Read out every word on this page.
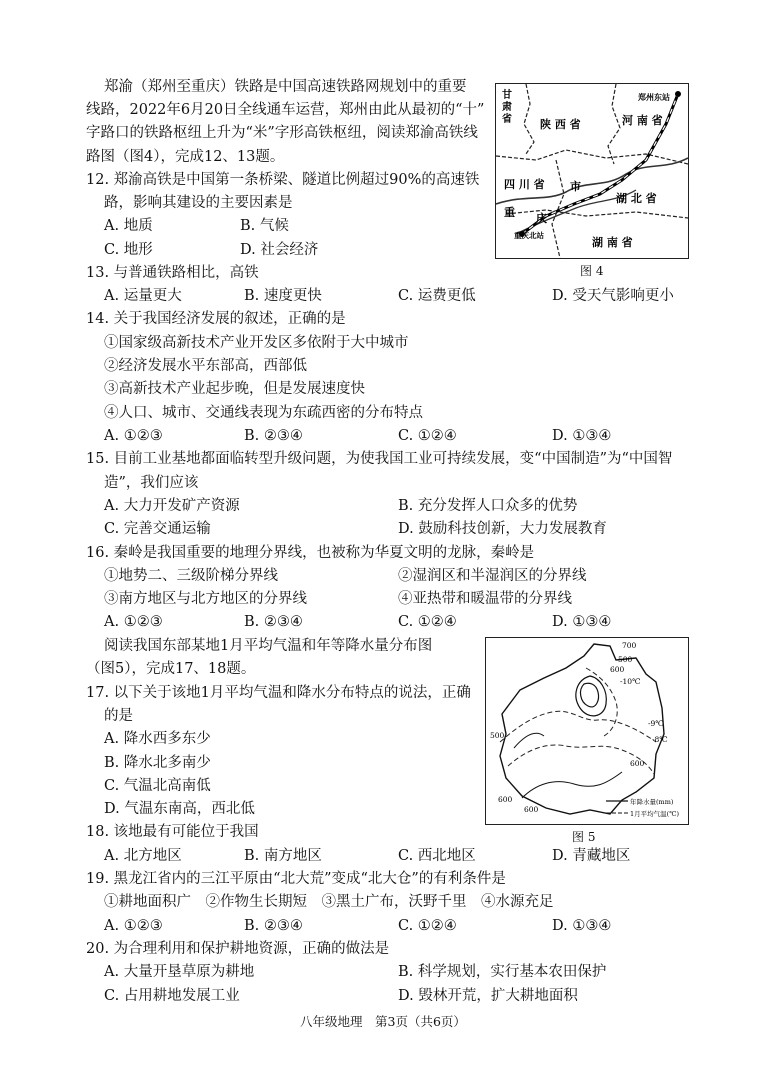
郑渝（郑州至重庆）铁路是中国高速铁路网规划中的重要
线路，2022年6月20日全线通车运营，郑州由此从最初的“十”
字路口的铁路枢纽上升为“米”字形高铁枢纽，阅读郑渝高铁线
路图（图4），完成12、13题。
甘
肃
省	陕 西 省	河 南 省
郑州东站
四 川 省 市
湖 北 省
重 庆
重庆北站
湖 南 省
图 4
12. 郑渝高铁是中国第一条桥梁、隧道比例超过90%的高速铁
路，影响其建设的主要因素是
A. 地质	B. 气候
C. 地形	D. 社会经济
13. 与普通铁路相比，高铁
A. 运量更大	B. 速度更快	C. 运费更低	D. 受天气影响更小
14. 关于我国经济发展的叙述，正确的是
①国家级高新技术产业开发区多依附于大中城市
②经济发展水平东部高，西部低
③高新技术产业起步晚，但是发展速度快
④人口、城市、交通线表现为东疏西密的分布特点
A. ①②③	B. ②③④	C. ①②④	D. ①③④
15. 目前工业基地都面临转型升级问题，为使我国工业可持续发展，变“中国制造”为“中国智
造”，我们应该
A. 大力开发矿产资源	B. 充分发挥人口众多的优势
C. 完善交通运输	D. 鼓励科技创新，大力发展教育
16. 秦岭是我国重要的地理分界线，也被称为华夏文明的龙脉，秦岭是
①地势二、三级阶梯分界线	②湿润区和半湿润区的分界线
③南方地区与北方地区的分界线	④亚热带和暖温带的分界线
A. ①②③	B. ②③④	C. ①②④	D. ①③④
阅读我国东部某地1月平均气温和年等降水量分布图
（图5），完成17、18题。
500
600
-10℃
-9℃
-8℃
500
700
600
600
600
年降水量(mm)
1月平均气温(℃)
图 5
17. 以下关于该地1月平均气温和降水分布特点的说法，正确
的是
A. 降水西多东少
B. 降水北多南少
C. 气温北高南低
D. 气温东南高，西北低
18. 该地最有可能位于我国
A. 北方地区	B. 南方地区	C. 西北地区	D. 青藏地区
19. 黑龙江省内的三江平原由“北大荒”变成“北大仓”的有利条件是
①耕地面积广　②作物生长期短　③黑土广布，沃野千里　④水源充足
A. ①②③	B. ②③④	C. ①②④	D. ①③④
20. 为合理利用和保护耕地资源，正确的做法是
A. 大量开垦草原为耕地	B. 科学规划，实行基本农田保护
C. 占用耕地发展工业	D. 毁林开荒，扩大耕地面积
八年级地理　第3页（共6页）
